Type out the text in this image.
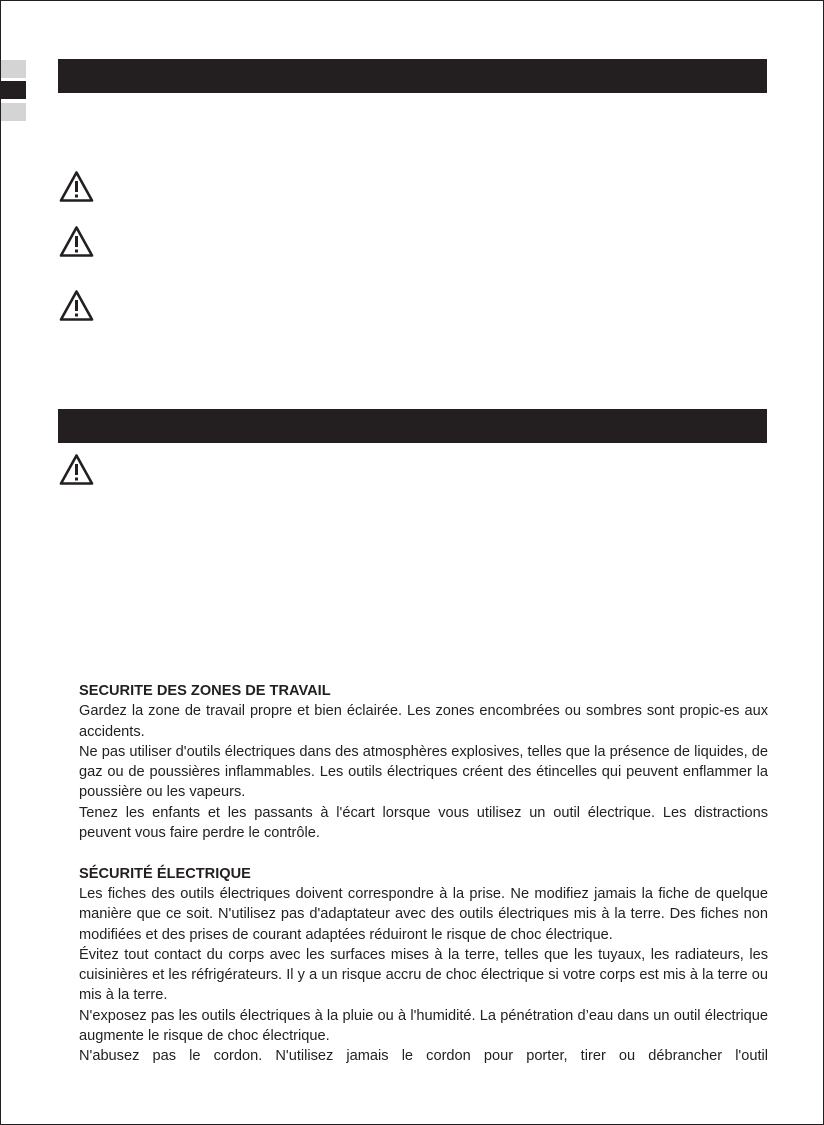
SECURITE DES ZONES DE TRAVAIL

Gardez la zone de travail propre et bien éclairée. Les zones encombrées ou sombres sont propic-es aux accidents.

Ne pas utiliser d'outils électriques dans des atmosphères explosives, telles que la présence de liquides, de gaz ou de poussières inflammables. Les outils électriques créent des étincelles qui peuvent enflammer la poussière ou les vapeurs.

Tenez les enfants et les passants à l'écart lorsque vous utilisez un outil électrique. Les distractions peuvent vous faire perdre le contrôle.

SÉCURITÉ ÉLECTRIQUE

Les fiches des outils électriques doivent correspondre à la prise. Ne modifiez jamais la fiche de quelque manière que ce soit. N'utilisez pas d'adaptateur avec des outils électriques mis à la terre. Des fiches non modifiées et des prises de courant adaptées réduiront le risque de choc électrique.

Évitez tout contact du corps avec les surfaces mises à la terre, telles que les tuyaux, les radiateurs, les cuisinières et les réfrigérateurs. Il y a un risque accru de choc électrique si votre corps est mis à la terre ou mis à la terre.

N'exposez pas les outils électriques à la pluie ou à l'humidité. La pénétration d’eau dans un outil électrique augmente le risque de choc électrique.

N'abusez pas le cordon. N'utilisez jamais le cordon pour porter, tirer ou débrancher l'outil
